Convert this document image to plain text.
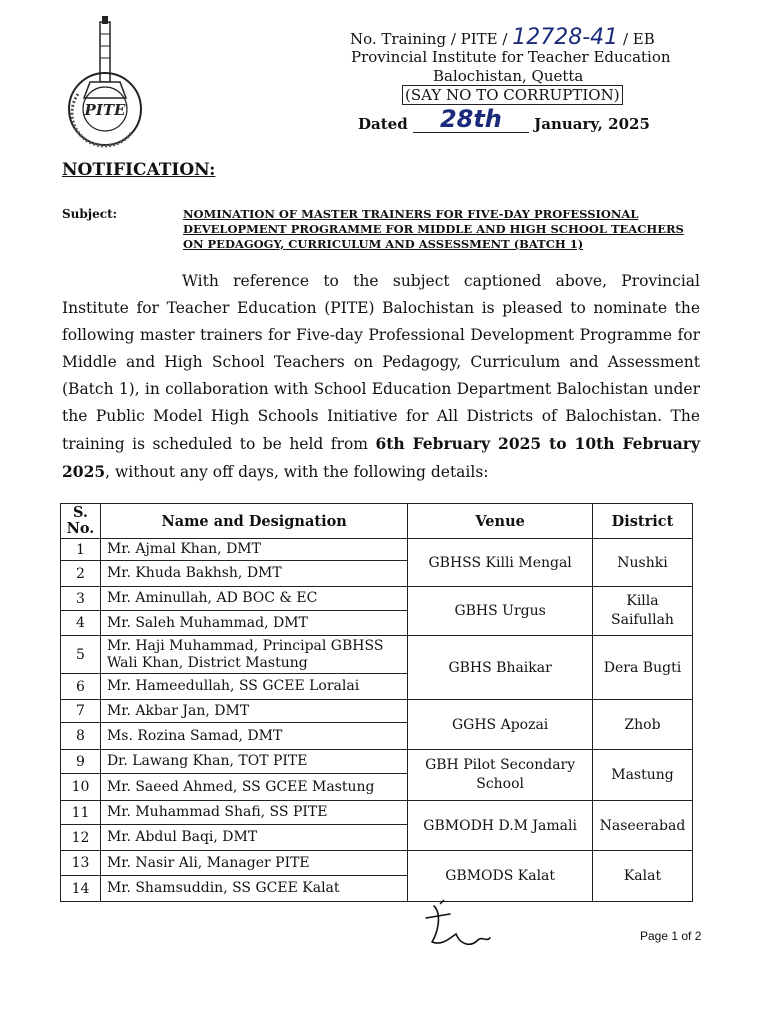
PITE
No. Training / PITE / 12728-41 / EB
Provincial Institute for Teacher Education
Balochistan, Quetta
(SAY NO TO CORRUPTION)
Dated 28th January, 2025
NOTIFICATION:
Subject:	NOMINATION OF MASTER TRAINERS FOR FIVE-DAY PROFESSIONAL DEVELOPMENT PROGRAMME FOR MIDDLE AND HIGH SCHOOL TEACHERS ON PEDAGOGY, CURRICULUM AND ASSESSMENT (BATCH 1)

With reference to the subject captioned above, Provincial Institute for Teacher Education (PITE) Balochistan is pleased to nominate the following master trainers for Five-day Professional Development Programme for Middle and High School Teachers on Pedagogy, Curriculum and Assessment (Batch 1), in collaboration with School Education Department Balochistan under the Public Model High Schools Initiative for All Districts of Balochistan. The training is scheduled to be held from 6th February 2025 to 10th February 2025, without any off days, with the following details:

S. No.	Name and Designation	Venue	District
1	Mr. Ajmal Khan, DMT	GBHSS Killi Mengal	Nushki
2	Mr. Khuda Bakhsh, DMT		
3	Mr. Aminullah, AD BOC & EC	GBHS Urgus	Killa Saifullah
4	Mr. Saleh Muhammad, DMT		
5	Mr. Haji Muhammad, Principal GBHSS Wali Khan, District Mastung	GBHS Bhaikar	Dera Bugti
6	Mr. Hameedullah, SS GCEE Loralai		
7	Mr. Akbar Jan, DMT	GGHS Apozai	Zhob
8	Ms. Rozina Samad, DMT		
9	Dr. Lawang Khan, TOT PITE	GBH Pilot Secondary School	Mastung
10	Mr. Saeed Ahmed, SS GCEE Mastung		
11	Mr. Muhammad Shafi, SS PITE	GBMODH D.M Jamali	Naseerabad
12	Mr. Abdul Baqi, DMT		
13	Mr. Nasir Ali, Manager PITE	GBMODS Kalat	Kalat
14	Mr. Shamsuddin, SS GCEE Kalat		
Page 1 of 2
